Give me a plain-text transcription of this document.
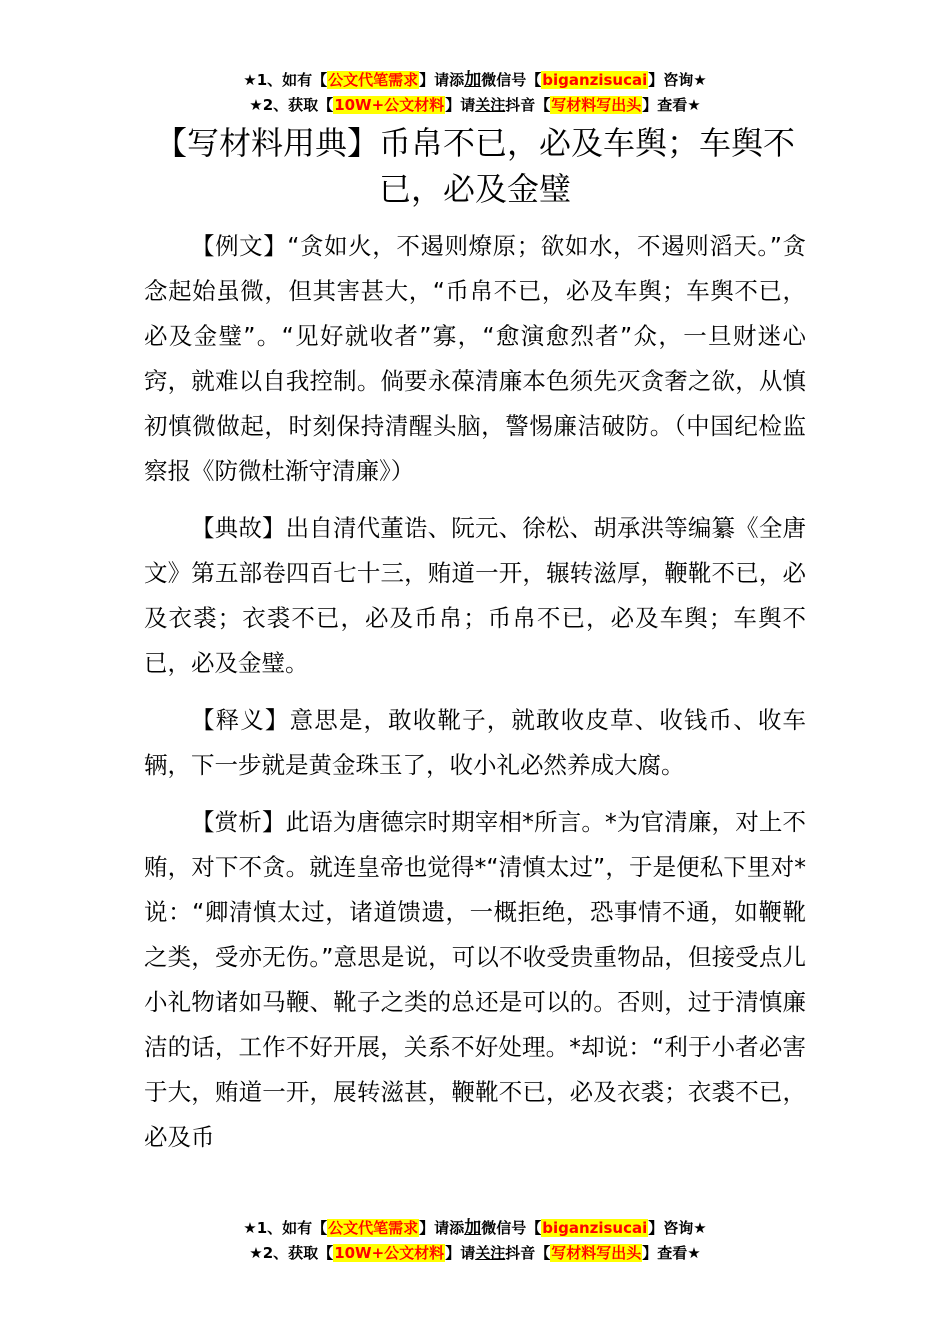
★1、如有【公文代笔需求】请添加微信号【biganzisucai】咨询★
★2、获取【10W+公文材料】请关注抖音【写材料写出头】查看★
【写材料用典】币帛不已，必及车舆；车舆不已，必及金璧

【例文】“贪如火，不遏则燎原；欲如水，不遏则滔天。”贪念起始虽微，但其害甚大，“币帛不已，必及车舆；车舆不已，必及金璧”。“见好就收者”寡，“愈演愈烈者”众，一旦财迷心窍，就难以自我控制。倘要永葆清廉本色须先灭贪奢之欲，从慎初慎微做起，时刻保持清醒头脑，警惕廉洁破防。（中国纪检监察报《防微杜渐守清廉》）

【典故】出自清代董诰、阮元、徐松、胡承洪等编纂《全唐文》第五部卷四百七十三，贿道一开，辗转滋厚，鞭靴不已，必及衣裘；衣裘不已，必及币帛；币帛不已，必及车舆；车舆不已，必及金璧。

【释义】意思是，敢收靴子，就敢收皮草、收钱币、收车辆，下一步就是黄金珠玉了，收小礼必然养成大腐。

【赏析】此语为唐德宗时期宰相*所言。*为官清廉，对上不贿，对下不贪。就连皇帝也觉得*“清慎太过”，于是便私下里对*说：“卿清慎太过，诸道馈遗，一概拒绝，恐事情不通，如鞭靴之类，受亦无伤。”意思是说，可以不收受贵重物品，但接受点儿小礼物诸如马鞭、靴子之类的总还是可以的。否则，过于清慎廉洁的话，工作不好开展，关系不好处理。*却说：“利于小者必害于大，贿道一开，展转滋甚，鞭靴不已，必及衣裘；衣裘不已，必及币

★1、如有【公文代笔需求】请添加微信号【biganzisucai】咨询★
★2、获取【10W+公文材料】请关注抖音【写材料写出头】查看★
